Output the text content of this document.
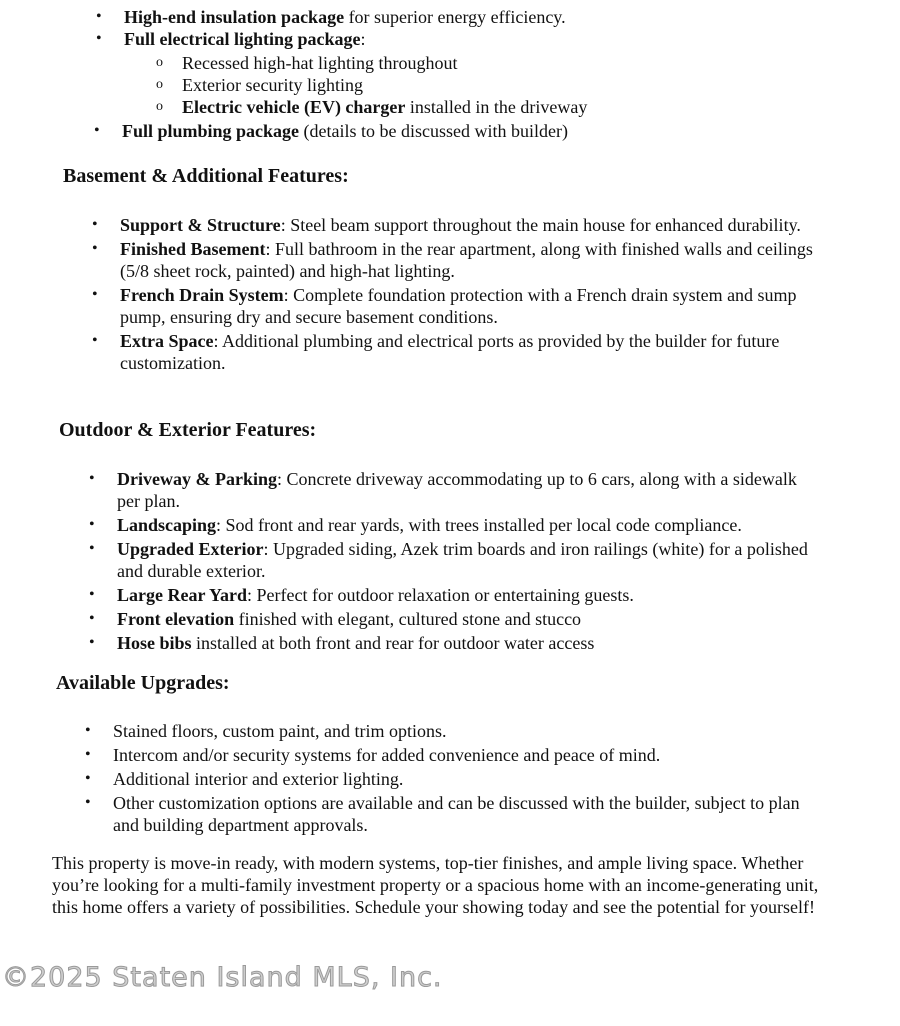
• High-end insulation package for superior energy efficiency.
• Full electrical lighting package:
o Recessed high-hat lighting throughout
o Exterior security lighting
o Electric vehicle (EV) charger installed in the driveway
• Full plumbing package (details to be discussed with builder)
Basement & Additional Features:
• Support & Structure: Steel beam support throughout the main house for enhanced durability.
• Finished Basement: Full bathroom in the rear apartment, along with finished walls and ceilings (5/8 sheet rock, painted) and high-hat lighting.
• French Drain System: Complete foundation protection with a French drain system and sump pump, ensuring dry and secure basement conditions.
• Extra Space: Additional plumbing and electrical ports as provided by the builder for future customization.
Outdoor & Exterior Features:
• Driveway & Parking: Concrete driveway accommodating up to 6 cars, along with a sidewalk per plan.
• Landscaping: Sod front and rear yards, with trees installed per local code compliance.
• Upgraded Exterior: Upgraded siding, Azek trim boards and iron railings (white) for a polished and durable exterior.
• Large Rear Yard: Perfect for outdoor relaxation or entertaining guests.
• Front elevation finished with elegant, cultured stone and stucco
• Hose bibs installed at both front and rear for outdoor water access
Available Upgrades:
• Stained floors, custom paint, and trim options.
• Intercom and/or security systems for added convenience and peace of mind.
• Additional interior and exterior lighting.
• Other customization options are available and can be discussed with the builder, subject to plan and building department approvals.

This property is move-in ready, with modern systems, top-tier finishes, and ample living space. Whether you’re looking for a multi-family investment property or a spacious home with an income-generating unit, this home offers a variety of possibilities. Schedule your showing today and see the potential for yourself!

©2025 Staten Island MLS, Inc.
